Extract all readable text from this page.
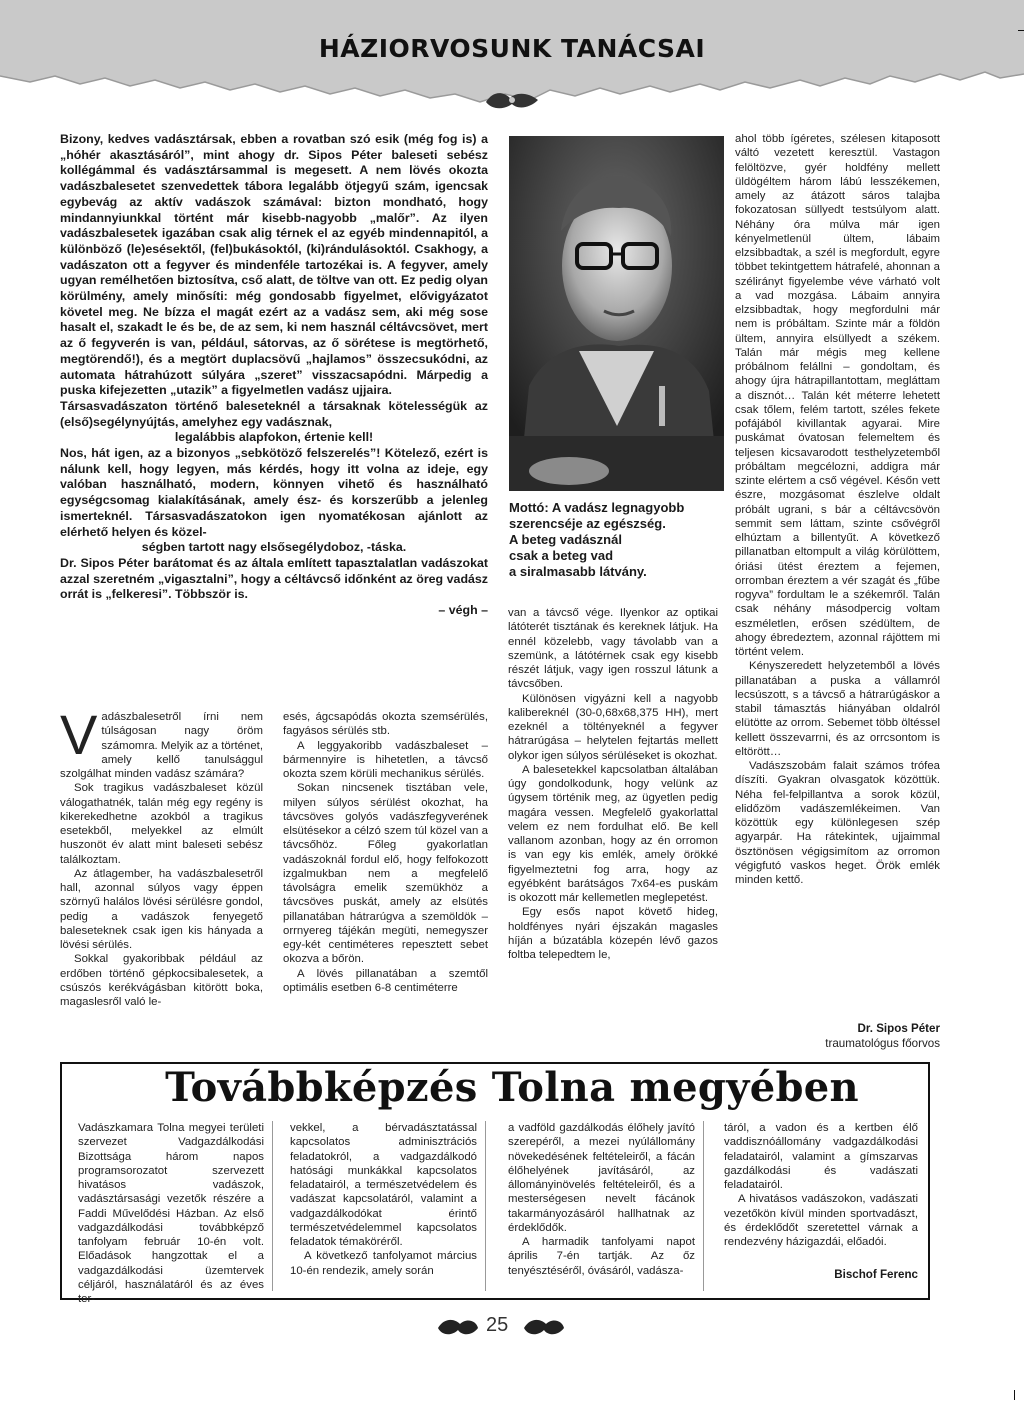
HÁZIORVOSUNK TANÁCSAI

Bizony, kedves vadásztársak, ebben a rovatban szó esik (még fog is) a „hóhér akasztásáról”, mint ahogy dr. Sipos Péter baleseti sebész kollégámmal és vadásztársammal is megesett. A nem lövés okozta vadászbalesetet szenvedettek tábora legalább ötjegyű szám, igencsak egybevág az aktív vadászok számával: bizton mondható, hogy mindannyiunkkal történt már kisebb-nagyobb „malőr”. Az ilyen vadászbalesetek igazában csak alig térnek el az egyéb mindennapitól, a különböző (le)esésektől, (fel)bukásoktól, (ki)rándulásoktól. Csakhogy, a vadászaton ott a fegyver és mindenféle tartozékai is. A fegyver, amely ugyan remélhetően biztosítva, cső alatt, de töltve van ott. Ez pedig olyan körülmény, amely minősíti: még gondosabb figyelmet, elővigyázatot követel meg. Ne bízza el magát ezért az a vadász sem, aki még sose hasalt el, szakadt le és be, de az sem, ki nem használ céltávcsövet, mert az ő fegyverén is van, például, sátorvas, az ő sörétese is megtörhető, megtörendő!), és a megtört duplacsövű „hajlamos” összecsukódni, az automata hátrahúzott súlyára „szeret” visszacsapódni. Márpedig a puska kifejezetten „utazik” a figyelmetlen vadász ujjaira.

Társasvadászaton történő baleseteknél a társaknak kötelességük az (első)segélynyújtás, amelyhez egy vadásznak,

legalábbis alapfokon, értenie kell!

Nos, hát igen, az a bizonyos „sebkötöző felszerelés”! Kötelező, ezért is nálunk kell, hogy legyen, más kérdés, hogy itt volna az ideje, egy valóban használható, modern, könnyen vihető és használható egységcsomag kialakításának, amely ész- és korszerűbb a jelenleg ismerteknél. Társasvadászatokon igen nyomatékosan ajánlott az elérhető helyen és közel-

ségben tartott nagy elsősegélydoboz, -táska.

Dr. Sipos Péter barátomat és az általa említett tapasztalatlan vadászokat azzal szeretném „vigasztalni”, hogy a céltávcső időnként az öreg vadász orrát is „felkeresi”. Többször is.

– végh –

Mottó: A vadász legnagyobb
szerencséje az egészség.
A beteg vadásznál
csak a beteg vad
a siralmasabb látvány.
V adászbalesetről írni nem túlságosan nagy öröm számomra. Melyik az a történet, amely kellő tanulsággul szolgálhat minden vadász számára?

Sok tragikus vadászbaleset közül válogathatnék, talán még egy regény is kikerekedhetne azokból a tragikus esetekből, melyekkel az elmúlt huszonöt év alatt mint baleseti sebész találkoztam.

Az átlagember, ha vadászbalesetről hall, azonnal súlyos vagy éppen szörnyű halálos lövési sérülésre gondol, pedig a vadászok fenyegető baleseteknek csak igen kis hányada a lövési sérülés.

Sokkal gyakoribbak például az erdőben történő gépkocsibalesetek, a csúszós kerékvágásban kitörött boka, magaslesről való le-

esés, ágcsapódás okozta szemsérülés, fagyásos sérülés stb.

A leggyakoribb vadászbaleset – bármennyire is hihetetlen, a távcső okozta szem körüli mechanikus sérülés.

Sokan nincsenek tisztában vele, milyen súlyos sérülést okozhat, ha távcsöves golyós vadászfegyverének elsütésekor a célzó szem túl közel van a távcsőhöz. Főleg gyakorlatlan vadászoknál fordul elő, hogy felfokozott izgalmukban nem a megfelelő távolságra emelik szemükhöz a távcsöves puskát, amely az elsütés pillanatában hátrarúgva a szemöldök – orrnyereg tájékán megüti, nemegyszer egy-két centiméteres repesztett sebet okozva a bőrön.

A lövés pillanatában a szemtől optimális esetben 6-8 centiméterre

van a távcső vége. Ilyenkor az optikai látóterét tisztának és kereknek látjuk. Ha ennél közelebb, vagy távolabb van a szemünk, a látótérnek csak egy kisebb részét látjuk, vagy igen rosszul látunk a távcsőben.

Különösen vigyázni kell a nagyobb kalibereknél (30-0,68x68,375 HH), mert ezeknél a töltényeknél a fegyver hátrarúgása – helytelen fejtartás mellett olykor igen súlyos sérüléseket is okozhat.

A balesetekkel kapcsolatban általában úgy gondolkodunk, hogy velünk az úgysem történik meg, az ügyetlen pedig magára vessen. Megfelelő gyakorlattal velem ez nem fordulhat elő. Be kell vallanom azonban, hogy az én orromon is van egy kis emlék, amely örökké figyelmeztetni fog arra, hogy az egyébként barátságos 7x64-es puskám is okozott már kellemetlen meglepetést.

Egy esős napot követő hideg, holdfényes nyári éjszakán magasles híján a búzatábla közepén lévő gazos foltba telepedtem le,

ahol több ígéretes, szélesen kitaposott váltó vezetett keresztül. Vastagon felöltözve, gyér holdfény mellett üldögéltem három lábú lesszékemen, amely az átázott sáros talajba fokozatosan süllyedt testsúlyom alatt. Néhány óra múlva már igen kényelmetlenül ültem, lábaim elzsibbadtak, a szél is megfordult, egyre többet tekintgettem hátrafelé, ahonnan a szélirányt figyelembe véve várható volt a vad mozgása. Lábaim annyira elzsibbadtak, hogy megfordulni már nem is próbáltam. Szinte már a földön ültem, annyira elsüllyedt a székem. Talán már mégis meg kellene próbálnom felállni – gondoltam, és ahogy újra hátrapillantottam, megláttam a disznót… Talán két méterre lehetett csak tőlem, felém tartott, széles fekete pofájából kivillantak agyarai. Mire puskámat óvatosan felemeltem és teljesen kicsavarodott testhelyzetemből próbáltam megcélozni, addigra már szinte elértem a cső végével. Későn vett észre, mozgásomat észlelve oldalt próbált ugrani, s bár a céltávcsövön semmit sem láttam, szinte csővégről elhúztam a billentyűt. A következő pillanatban eltompult a világ körülöttem, óriási ütést éreztem a fejemen, orromban éreztem a vér szagát és „fűbe rogyva” fordultam le a székemről. Talán csak néhány másodpercig voltam eszméletlen, erősen szédültem, de ahogy ébredeztem, azonnal rájöttem mi történt velem.

Kényszeredett helyzetemből a lövés pillanatában a puska a vállamról lecsúszott, s a távcső a hátrarúgáskor a stabil támasztás hiányában oldalról elütötte az orrom. Sebemet több öltéssel kellett összevarrni, és az orrcsontom is eltörött…

Vadászszobám falait számos trófea díszíti. Gyakran olvasgatok közöttük. Néha fel-felpillantva a sorok közül, elidőzöm vadászemlékeimen. Van közöttük egy különlegesen szép agyarpár. Ha rátekintek, ujjaimmal ösztönösen végigsimítom az orromon végigfutó vaskos heget. Örök emlék minden kettő.

Dr. Sipos Péter
traumatológus főorvos
Továbbképzés Tolna megyében

Vadászkamara Tolna megyei területi szervezet Vadgazdálkodási Bizottsága három napos programsorozatot szervezett hivatásos vadászok, vadásztársasági vezetők részére a Faddi Művelődési Házban. Az első vadgazdálkodási továbbképző tanfolyam február 10-én volt. Előadások hangzottak el a vadgazdálkodási üzemtervek céljáról, használatáról és az éves ter-

vekkel, a bérvadásztatással kapcsolatos adminisztrációs feladatokról, a vadgazdálkodó hatósági munkákkal kapcsolatos feladatairól, a természetvédelem és vadászat kapcsolatáról, valamint a vadgazdálkodókat érintő természetvédelemmel kapcsolatos feladatok témaköréről.

A következő tanfolyamot március 10-én rendezik, amely során

a vadföld gazdálkodás élőhely javító szerepéről, a mezei nyúlállomány növekedésének feltételeiről, a fácán élőhelyének javításáról, az állományinövelés feltételeiről, és a mesterségesen nevelt fácánok takarmányozásáról hallhatnak az érdeklődők.

A harmadik tanfolyami napot április 7-én tartják. Az őz tenyésztéséről, óvásáról, vadásza-

táról, a vadon és a kertben élő vaddisznóállomány vadgazdálkodási feladatairól, valamint a gímszarvas gazdálkodási és vadászati feladatairól.

A hivatásos vadászokon, vadászati vezetőkön kívül minden sportvadászt, és érdeklődőt szeretettel várnak a rendezvény házigazdái, előadói.

Bischof Ferenc
25
